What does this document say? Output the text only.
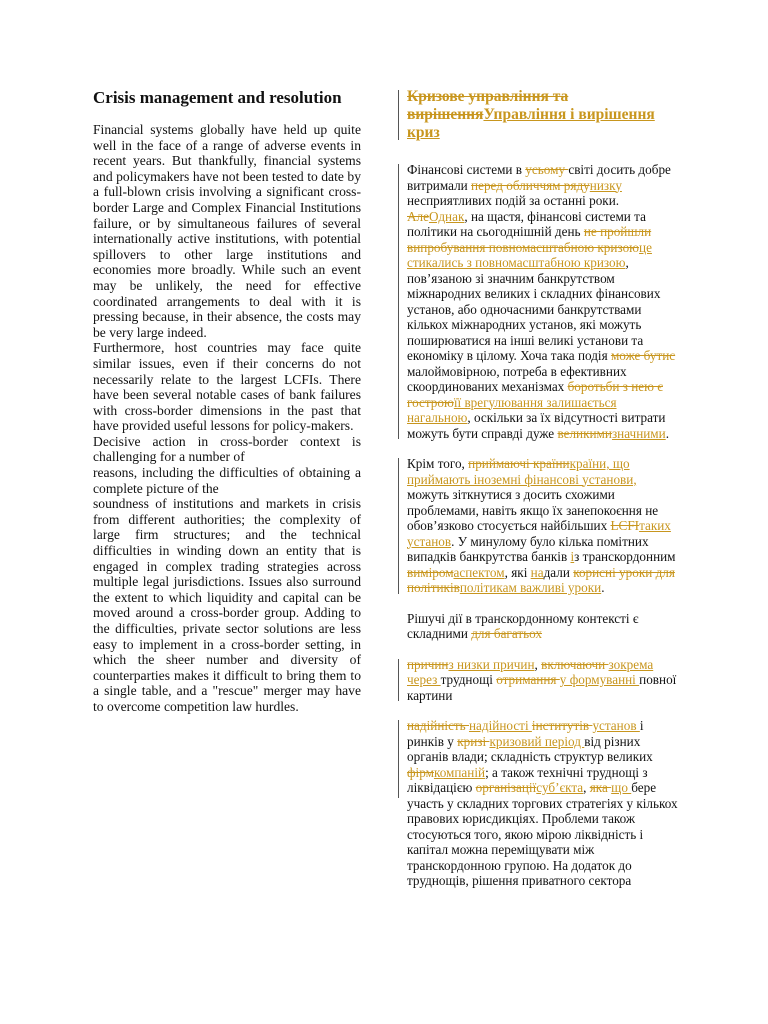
Crisis management and resolution

Financial systems globally have held up quite well in the face of a range of adverse events in recent years. But thankfully, financial systems and policymakers have not been tested to date by a full-blown crisis involving a significant cross-border Large and Complex Financial Institutions failure, or by simultaneous failures of several internationally active institutions, with potential spillovers to other large institutions and economies more broadly. While such an event may be unlikely, the need for effective coordinated arrangements to deal with it is pressing because, in their absence, the costs may be very large indeed.

Furthermore, host countries may face quite similar issues, even if their concerns do not necessarily relate to the largest LCFIs. There have been several notable cases of bank failures with cross-border dimensions in the past that have provided useful lessons for policy-makers.

Decisive action in cross-border context is challenging for a number of

reasons, including the difficulties of obtaining a complete picture of the

soundness of institutions and markets in crisis from different authorities; the complexity of large firm structures; and the technical difficulties in winding down an entity that is engaged in complex trading strategies across multiple legal jurisdictions. Issues also surround the extent to which liquidity and capital can be moved around a cross-border group. Adding to the difficulties, private sector solutions are less easy to implement in a cross-border setting, in which the sheer number and diversity of counterparties makes it difficult to bring them to a single table, and a "rescue" merger may have to overcome competition law hurdles.

Кризове управління та вирішенняУправління і вирішення криз

Фінансові системи в усьому світі досить добре витримали перед обличчям рядунизку несприятливих подій за останні роки. АлеОднак, на щастя, фінансові системи та політики на сьогоднішній день не пройшли випробування повномасштабною кризоюце стикались з повномасштабною кризою, пов’язаною зі значним банкрутством міжнародних великих і складних фінансових установ, або одночасними банкрутствами кількох міжнародних установ, які можуть поширюватися на інші великі установи та економіку в цілому. Хоча така подія може бутис малоймовірною, потреба в ефективних скоординованих механізмах боротьби з нею є гостроюїї врегулювання залишається нагальною, оскільки за їх відсутності витрати можуть бути справді дуже великимизначними.

Крім того, приймаючі країникраїни, що приймають іноземні фінансові установи, можуть зіткнутися з досить схожими проблемами, навіть якщо їх занепокоєння не обов’язково стосується найбільших LCFIтаких установ. У минулому було кілька помітних випадків банкрутства банків із транскордонним виміромаспектом, які надали корисні уроки для політиківполітикам важливі уроки.

Рішучі дії в транскордонному контексті є складними для багатьох

причинз низки причин, включаючи зокрема через труднощі отримання у формуванні повної картини

надійність надійності інститутів установ і ринків у кризі кризовий період від різних органів влади; складність структур великих фірмкомпаній; а також технічні труднощі з ліквідацією організаціїсуб’єкта, яка що бере участь у складних торгових стратегіях у кількох правових юрисдикціях. Проблеми також стосуються того, якою мірою ліквідність і капітал можна переміщувати між транскордонною групою. На додаток до труднощів, рішення приватного сектора
